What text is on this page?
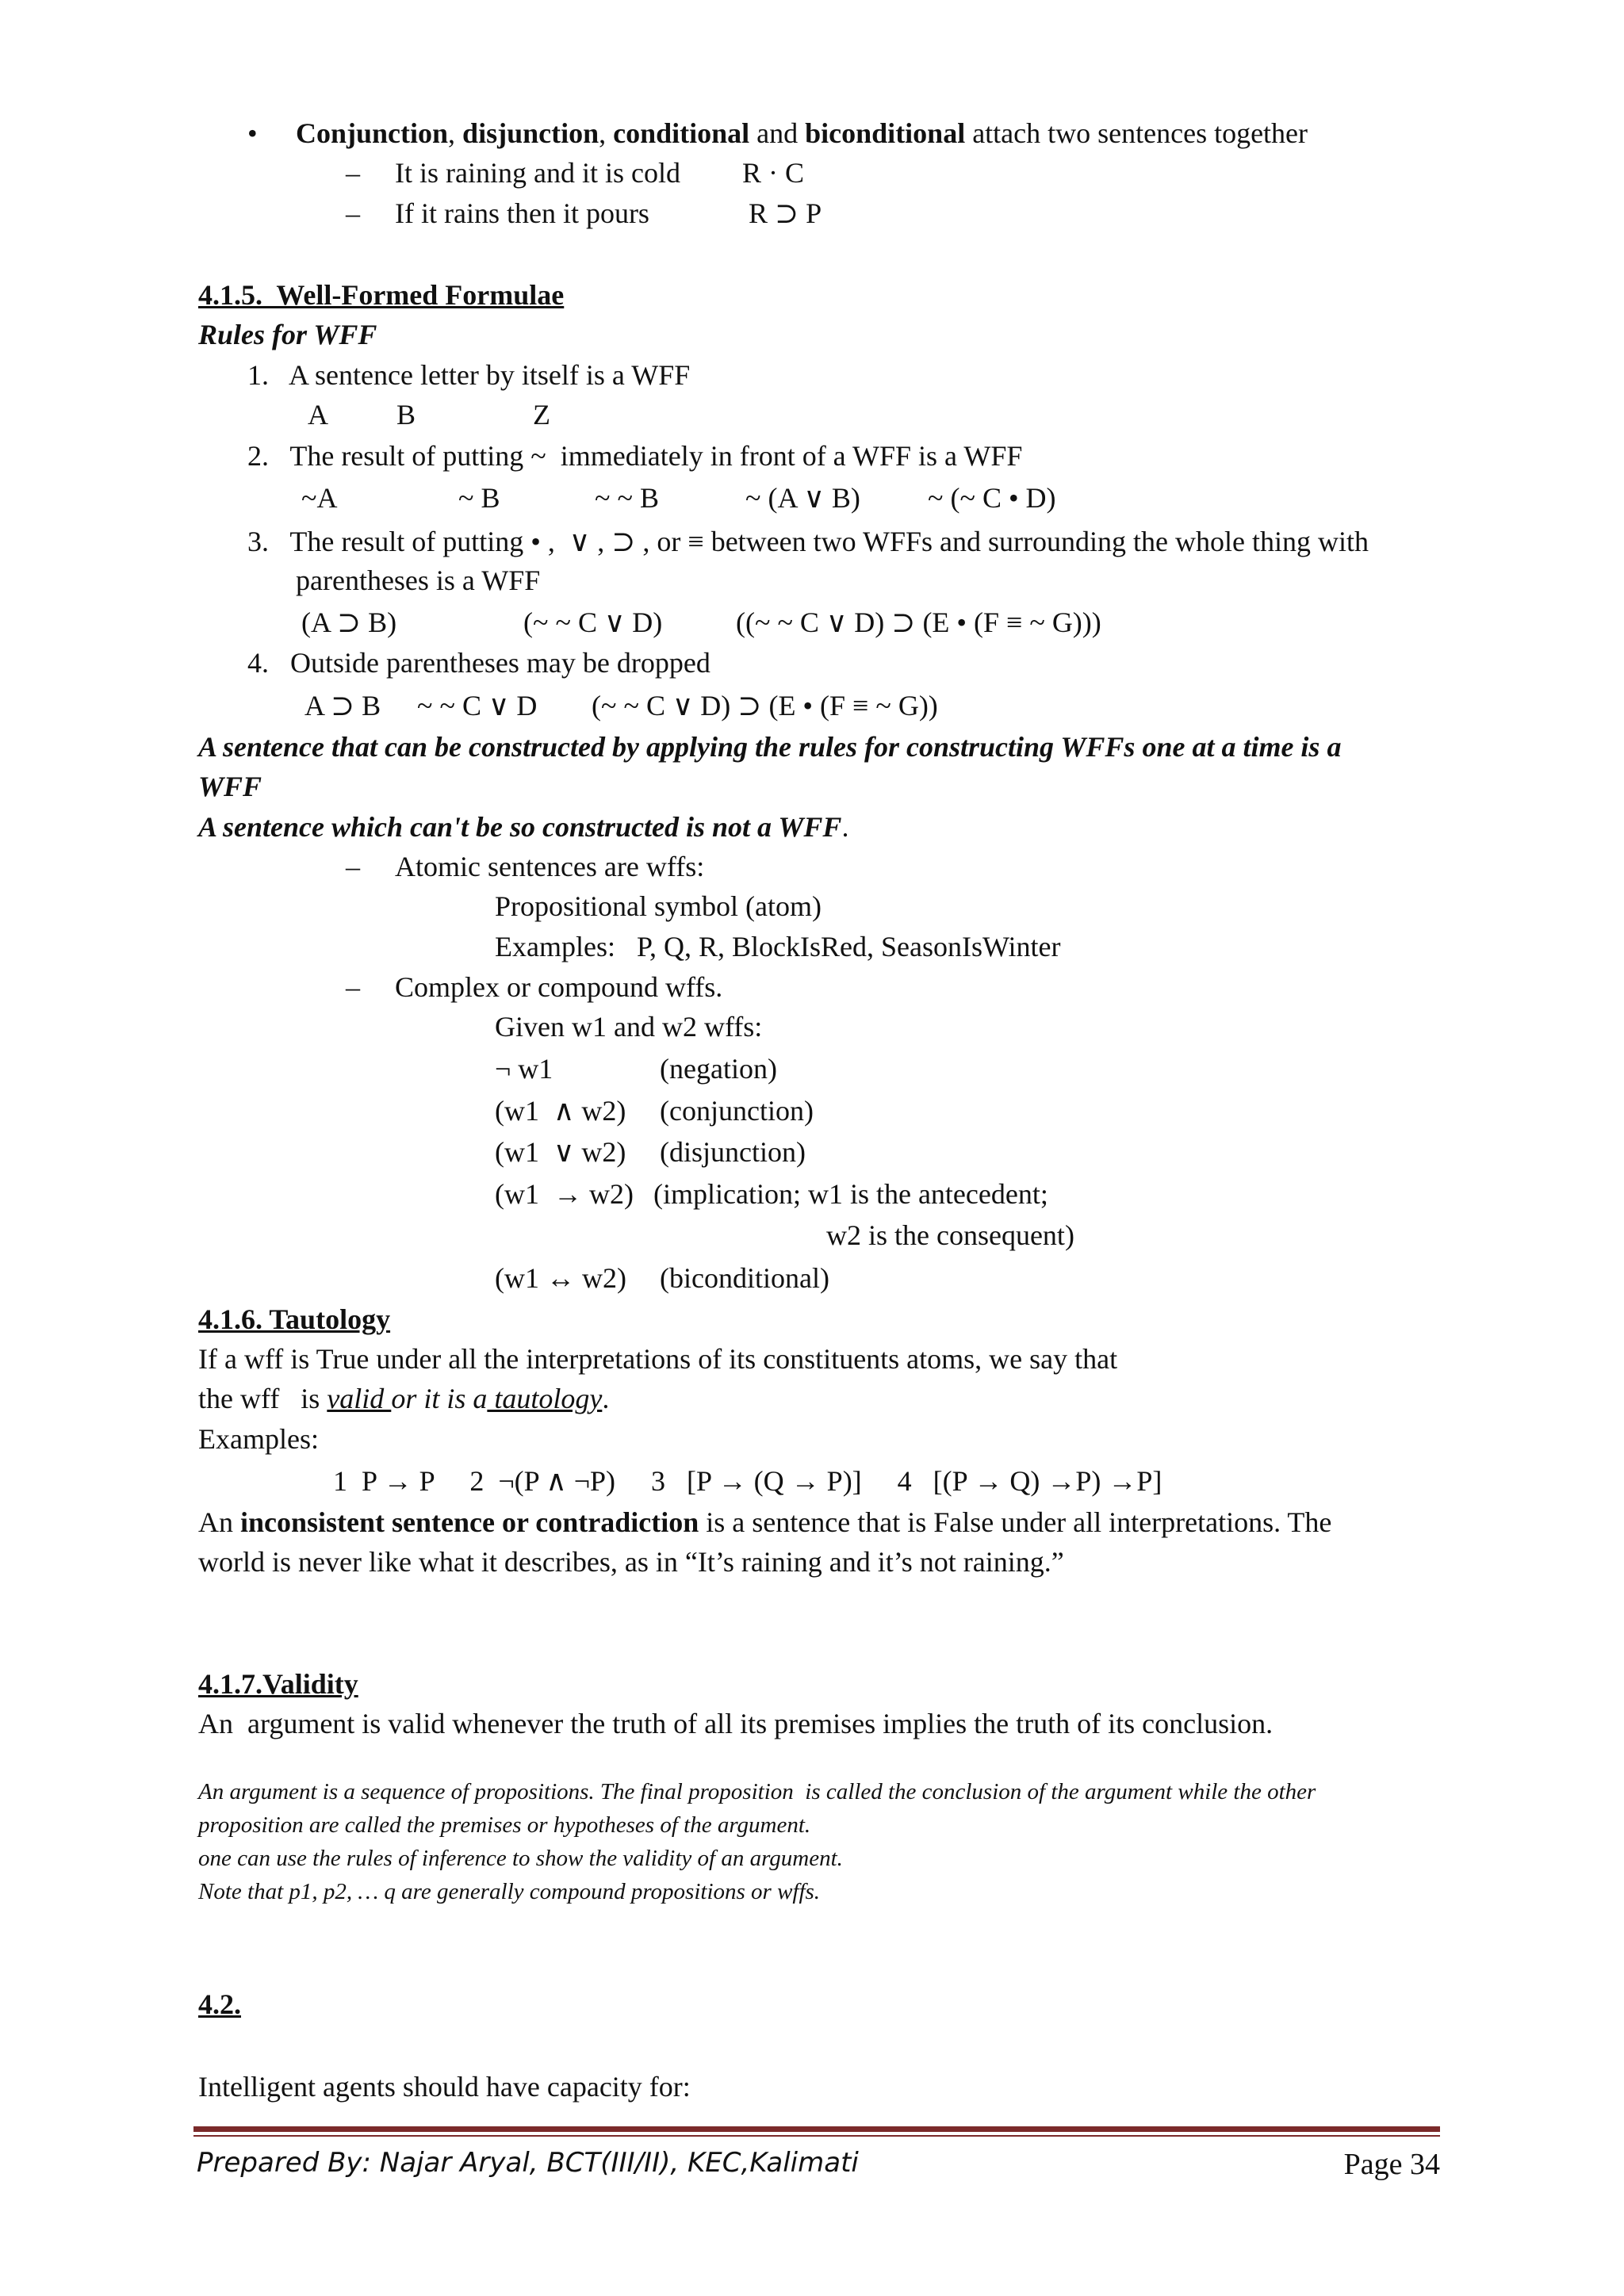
• Conjunction, disjunction, conditional and biconditional attach two sentences together
– It is raining and it is cold R · C
– If it rains then it pours	R ⊃ P
4.1.5.  Well-Formed Formulae
Rules for WFF
1.   A sentence letter by itself is a WFF
A B	Z
2.   The result of putting ~  immediately in front of a WFF is a WFF
~A	~ B	~ ~ B	~ (A ∨ B) ~ (~ C • D)
3.   The result of putting • ,  ∨ , ⊃ , or ≡ between two WFFs and surrounding the whole thing with
parentheses is a WFF
(A ⊃ B)	(~ ~ C ∨ D)	((~ ~ C ∨ D) ⊃ (E • (F ≡ ~ G)))
4.   Outside parentheses may be dropped
A ⊃ B ~ ~ C ∨ D (~ ~ C ∨ D) ⊃ (E • (F ≡ ~ G))
A sentence that can be constructed by applying the rules for constructing WFFs one at a time is a
WFF
A sentence which can't be so constructed is not a WFF.
– Atomic sentences are wffs:
Propositional symbol (atom)
Examples:   P, Q, R, BlockIsRed, SeasonIsWinter
– Complex or compound wffs.
Given w1 and w2 wffs:
¬ w1	(negation)
(w1  ∧ w2) (conjunction)
(w1  ∨ w2) (disjunction)
(w1  → w2) (implication; w1 is the antecedent;
w2 is the consequent)
(w1 ↔ w2) (biconditional)
4.1.6. Tautology
If a wff is True under all the interpretations of its constituents atoms, we say that
the wff   is valid or it is a tautology.
Examples:
1  P → P     2  ¬(P ∧ ¬P)     3   [P → (Q → P)]     4   [(P → Q) →P) →P]
An inconsistent sentence or contradiction is a sentence that is False under all interpretations. The
world is never like what it describes, as in “It’s raining and it’s not raining.”
4.1.7.Validity
An  argument is valid whenever the truth of all its premises implies the truth of its conclusion.
An argument is a sequence of propositions. The final proposition  is called the conclusion of the argument while the other
proposition are called the premises or hypotheses of the argument.
one can use the rules of inference to show the validity of an argument.
Note that p1, p2, … q are generally compound propositions or wffs.
4.2.
Intelligent agents should have capacity for:
Prepared By: Najar Aryal, BCT(III/II), KEC,Kalimati	Page 34
